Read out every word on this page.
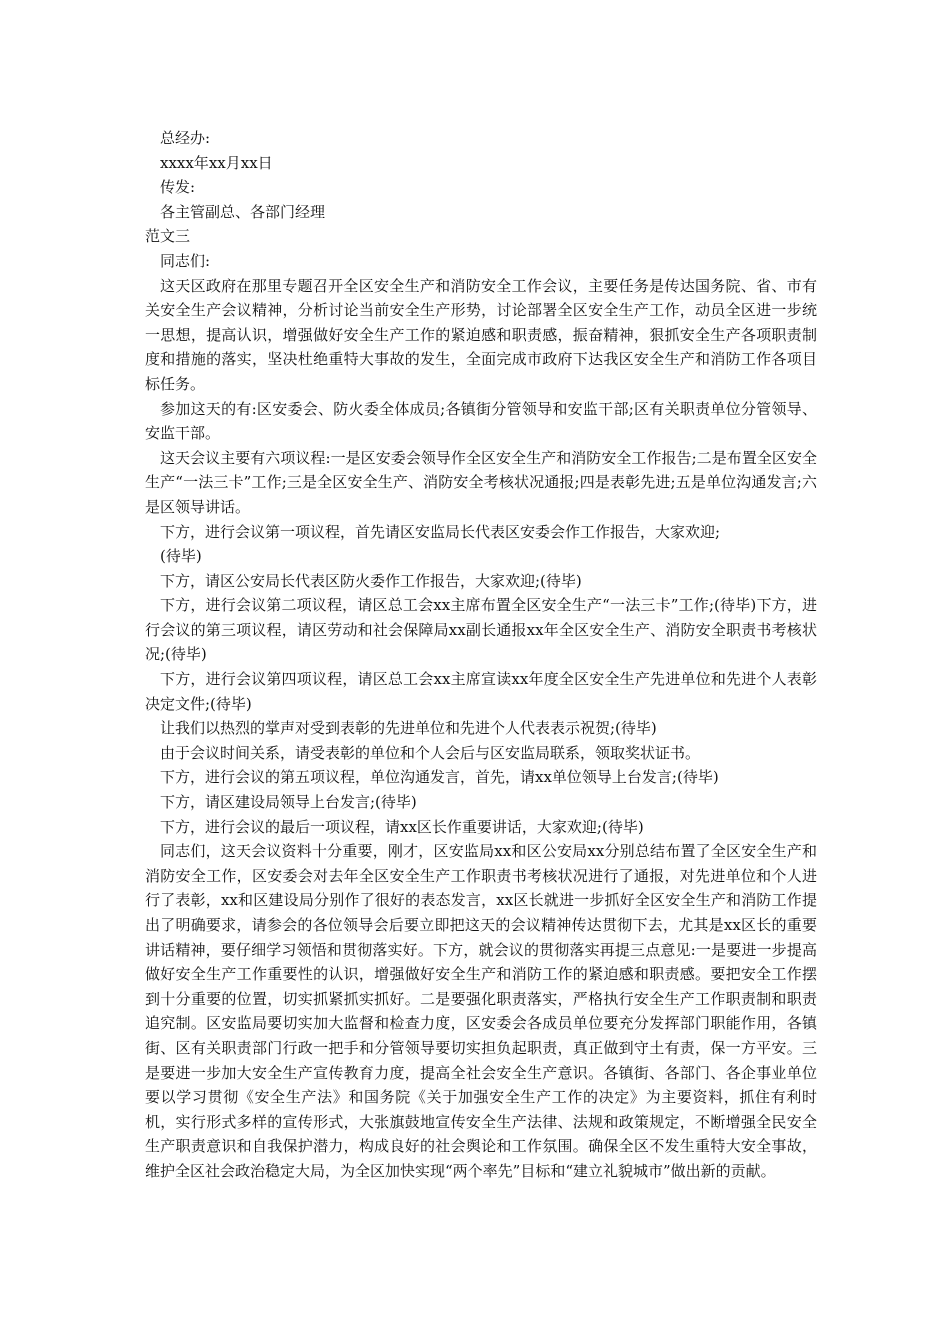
总经办:

xxxx年xx月xx日

传发:

各主管副总、各部门经理

范文三

同志们:

这天区政府在那里专题召开全区安全生产和消防安全工作会议，主要任务是传达国务院、省、市有关安全生产会议精神，分析讨论当前安全生产形势，讨论部署全区安全生产工作，动员全区进一步统一思想，提高认识，增强做好安全生产工作的紧迫感和职责感，振奋精神，狠抓安全生产各项职责制度和措施的落实，坚决杜绝重特大事故的发生，全面完成市政府下达我区安全生产和消防工作各项目标任务。

参加这天的有:区安委会、防火委全体成员;各镇街分管领导和安监干部;区有关职责单位分管领导、安监干部。

这天会议主要有六项议程:一是区安委会领导作全区安全生产和消防安全工作报告;二是布置全区安全生产“一法三卡”工作;三是全区安全生产、消防安全考核状况通报;四是表彰先进;五是单位沟通发言;六是区领导讲话。

下方，进行会议第一项议程，首先请区安监局长代表区安委会作工作报告，大家欢迎;

(待毕)

下方，请区公安局长代表区防火委作工作报告，大家欢迎;(待毕)

下方，进行会议第二项议程，请区总工会xx主席布置全区安全生产“一法三卡”工作;(待毕)下方，进行会议的第三项议程，请区劳动和社会保障局xx副长通报xx年全区安全生产、消防安全职责书考核状况;(待毕)

下方，进行会议第四项议程，请区总工会xx主席宣读xx年度全区安全生产先进单位和先进个人表彰决定文件;(待毕)

让我们以热烈的掌声对受到表彰的先进单位和先进个人代表表示祝贺;(待毕)

由于会议时间关系，请受表彰的单位和个人会后与区安监局联系，领取奖状证书。

下方，进行会议的第五项议程，单位沟通发言，首先，请xx单位领导上台发言;(待毕)

下方，请区建设局领导上台发言;(待毕)

下方，进行会议的最后一项议程，请xx区长作重要讲话，大家欢迎;(待毕)

同志们，这天会议资料十分重要，刚才，区安监局xx和区公安局xx分别总结布置了全区安全生产和消防安全工作，区安委会对去年全区安全生产工作职责书考核状况进行了通报，对先进单位和个人进行了表彰，xx和区建设局分别作了很好的表态发言，xx区长就进一步抓好全区安全生产和消防工作提出了明确要求，请参会的各位领导会后要立即把这天的会议精神传达贯彻下去，尤其是xx区长的重要讲话精神，要仔细学习领悟和贯彻落实好。下方，就会议的贯彻落实再提三点意见:一是要进一步提高做好安全生产工作重要性的认识，增强做好安全生产和消防工作的紧迫感和职责感。要把安全工作摆到十分重要的位置，切实抓紧抓实抓好。二是要强化职责落实，严格执行安全生产工作职责制和职责追究制。区安监局要切实加大监督和检查力度，区安委会各成员单位要充分发挥部门职能作用，各镇街、区有关职责部门行政一把手和分管领导要切实担负起职责，真正做到守土有责，保一方平安。三是要进一步加大安全生产宣传教育力度，提高全社会安全生产意识。各镇街、各部门、各企事业单位要以学习贯彻《安全生产法》和国务院《关于加强安全生产工作的决定》为主要资料，抓住有利时机，实行形式多样的宣传形式，大张旗鼓地宣传安全生产法律、法规和政策规定，不断增强全民安全生产职责意识和自我保护潜力，构成良好的社会舆论和工作氛围。确保全区不发生重特大安全事故，维护全区社会政治稳定大局，为全区加快实现“两个率先”目标和“建立礼貌城市”做出新的贡献。
